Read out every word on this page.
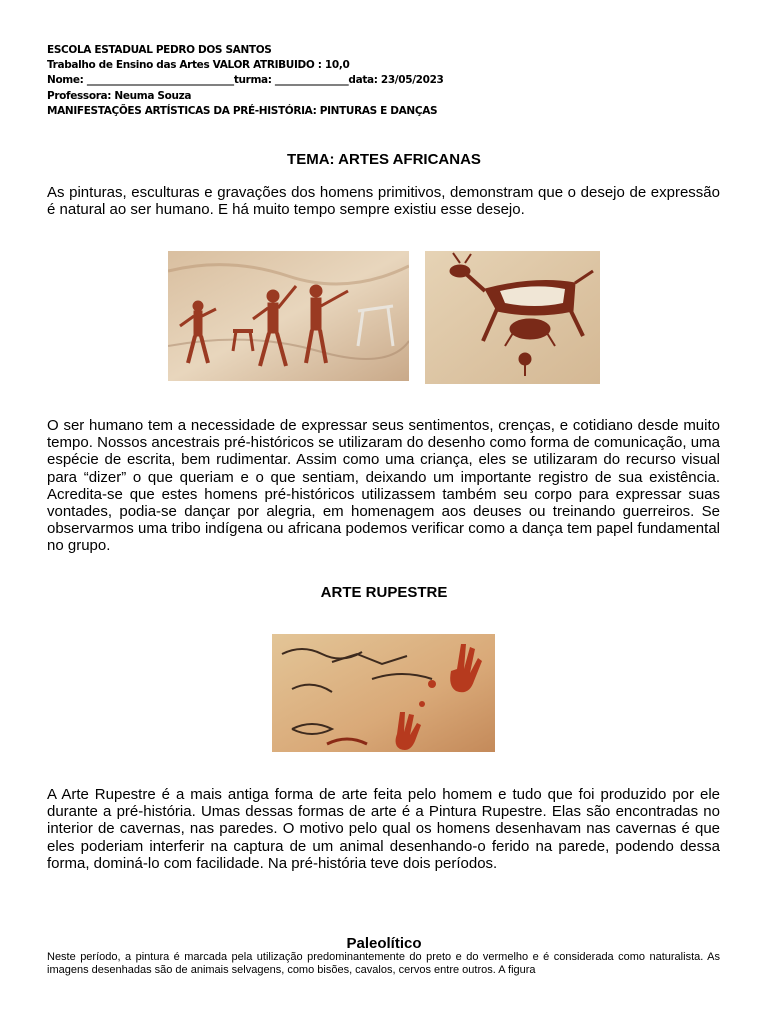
ESCOLA ESTADUAL PEDRO DOS SANTOS
Trabalho de Ensino das Artes VALOR ATRIBUIDO : 10,0
Nome: ______________________________turma: _______________data: 23/05/2023
Professora: Neuma Souza
MANIFESTAÇÕES ARTÍSTICAS DA PRÉ-HISTÓRIA: PINTURAS E DANÇAS
TEMA: ARTES AFRICANAS
As pinturas, esculturas e gravações dos homens primitivos, demonstram que o desejo de expressão é natural ao ser humano. E há muito tempo sempre existiu esse desejo.
O ser humano tem a necessidade de expressar seus sentimentos, crenças, e cotidiano desde muito tempo. Nossos ancestrais pré-históricos se utilizaram do desenho como forma de comunicação, uma espécie de escrita, bem rudimentar. Assim como uma criança, eles se utilizaram do recurso visual para “dizer” o que queriam e o que sentiam, deixando um importante registro de sua existência. Acredita-se que estes homens pré-históricos utilizassem também seu corpo para expressar suas vontades, podia-se dançar por alegria, em homenagem aos deuses ou treinando guerreiros. Se observarmos uma tribo indígena ou africana podemos verificar como a dança tem papel fundamental no grupo.
ARTE RUPESTRE
A Arte Rupestre é a mais antiga forma de arte feita pelo homem e tudo que foi produzido por ele durante a pré-história. Umas dessas formas de arte é a Pintura Rupestre. Elas são encontradas no interior de cavernas, nas paredes. O motivo pelo qual os homens desenhavam nas cavernas é que eles poderiam interferir na captura de um animal desenhando-o ferido na parede, podendo dessa forma, dominá-lo com facilidade. Na pré-história teve dois períodos.
Paleolítico
Neste período, a pintura é marcada pela utilização predominantemente do preto e do vermelho e é considerada como naturalista. As imagens desenhadas são de animais selvagens, como bisões, cavalos, cervos entre outros. A figura
